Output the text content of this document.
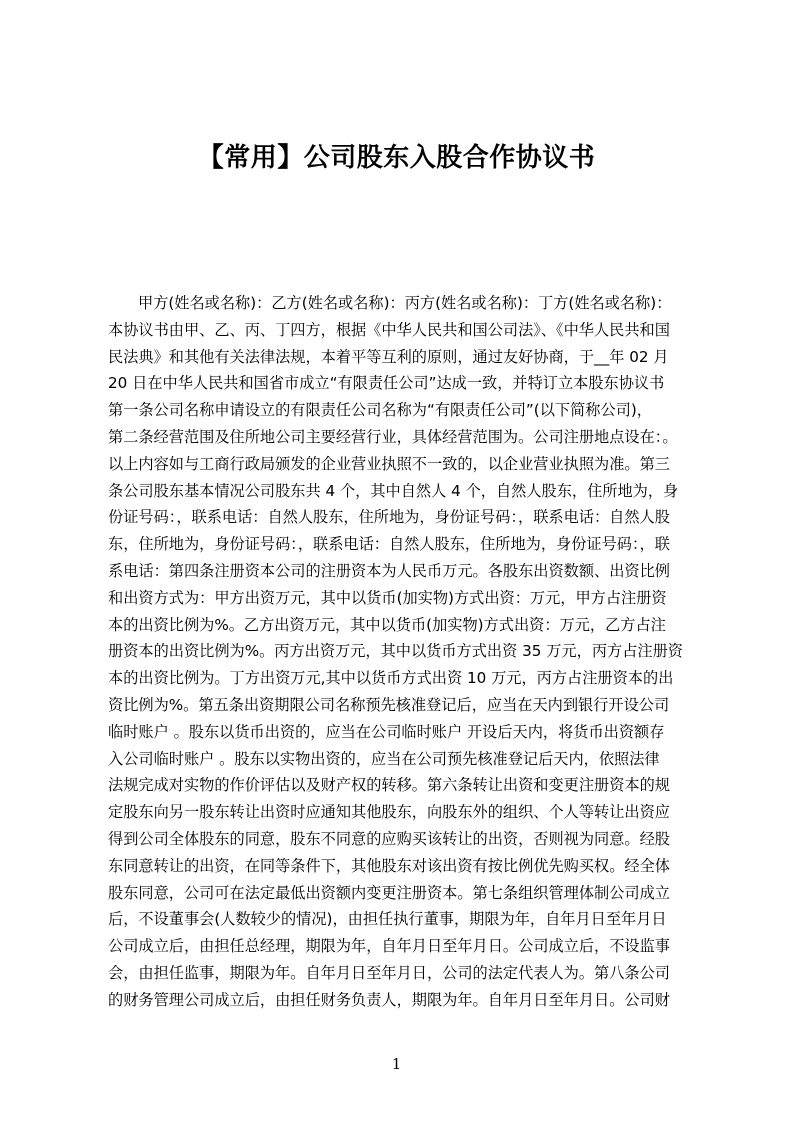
【常用】公司股东入股合作协议书
甲方(姓名或名称)：乙方(姓名或名称)：丙方(姓名或名称)：丁方(姓名或名称)：
本协议书由甲、乙、丙、丁四方，根据《中华人民共和国公司法》、《中华人民共和国
民法典》和其他有关法律法规，本着平等互利的原则，通过友好协商，于__年 02 月
20 日在中华人民共和国省市成立“有限责任公司”达成一致，并特订立本股东协议书
第一条公司名称申请设立的有限责任公司名称为“有限责任公司”(以下简称公司)，
第二条经营范围及住所地公司主要经营行业，具体经营范围为。公司注册地点设在：。
以上内容如与工商行政局颁发的企业营业执照不一致的，以企业营业执照为准。第三
条公司股东基本情况公司股东共 4 个，其中自然人 4 个，自然人股东，住所地为，身
份证号码：，联系电话：自然人股东，住所地为，身份证号码：，联系电话：自然人股
东，住所地为，身份证号码：，联系电话：自然人股东，住所地为，身份证号码：，联
系电话：第四条注册资本公司的注册资本为人民币万元。各股东出资数额、出资比例
和出资方式为：甲方出资万元，其中以货币(加实物)方式出资：万元，甲方占注册资
本的出资比例为%。乙方出资万元，其中以货币(加实物)方式出资：万元，乙方占注
册资本的出资比例为%。丙方出资万元，其中以货币方式出资 35 万元，丙方占注册资
本的出资比例为。丁方出资万元,其中以货币方式出资 10 万元，丙方占注册资本的出
资比例为%。第五条出资期限公司名称预先核准登记后，应当在天内到银行开设公司
临时账户 。股东以货币出资的，应当在公司临时账户 开设后天内，将货币出资额存
入公司临时账户 。股东以实物出资的，应当在公司预先核准登记后天内，依照法律
法规完成对实物的作价评估以及财产权的转移。第六条转让出资和变更注册资本的规
定股东向另一股东转让出资时应通知其他股东，向股东外的组织、个人等转让出资应
得到公司全体股东的同意，股东不同意的应购买该转让的出资，否则视为同意。经股
东同意转让的出资，在同等条件下，其他股东对该出资有按比例优先购买权。经全体
股东同意，公司可在法定最低出资额内变更注册资本。第七条组织管理体制公司成立
后，不设董事会(人数较少的情况)，由担任执行董事，期限为年，自年月日至年月日
公司成立后，由担任总经理，期限为年，自年月日至年月日。公司成立后，不设监事
会，由担任监事，期限为年。自年月日至年月日，公司的法定代表人为。第八条公司
的财务管理公司成立后，由担任财务负责人，期限为年。自年月日至年月日。公司财
1
